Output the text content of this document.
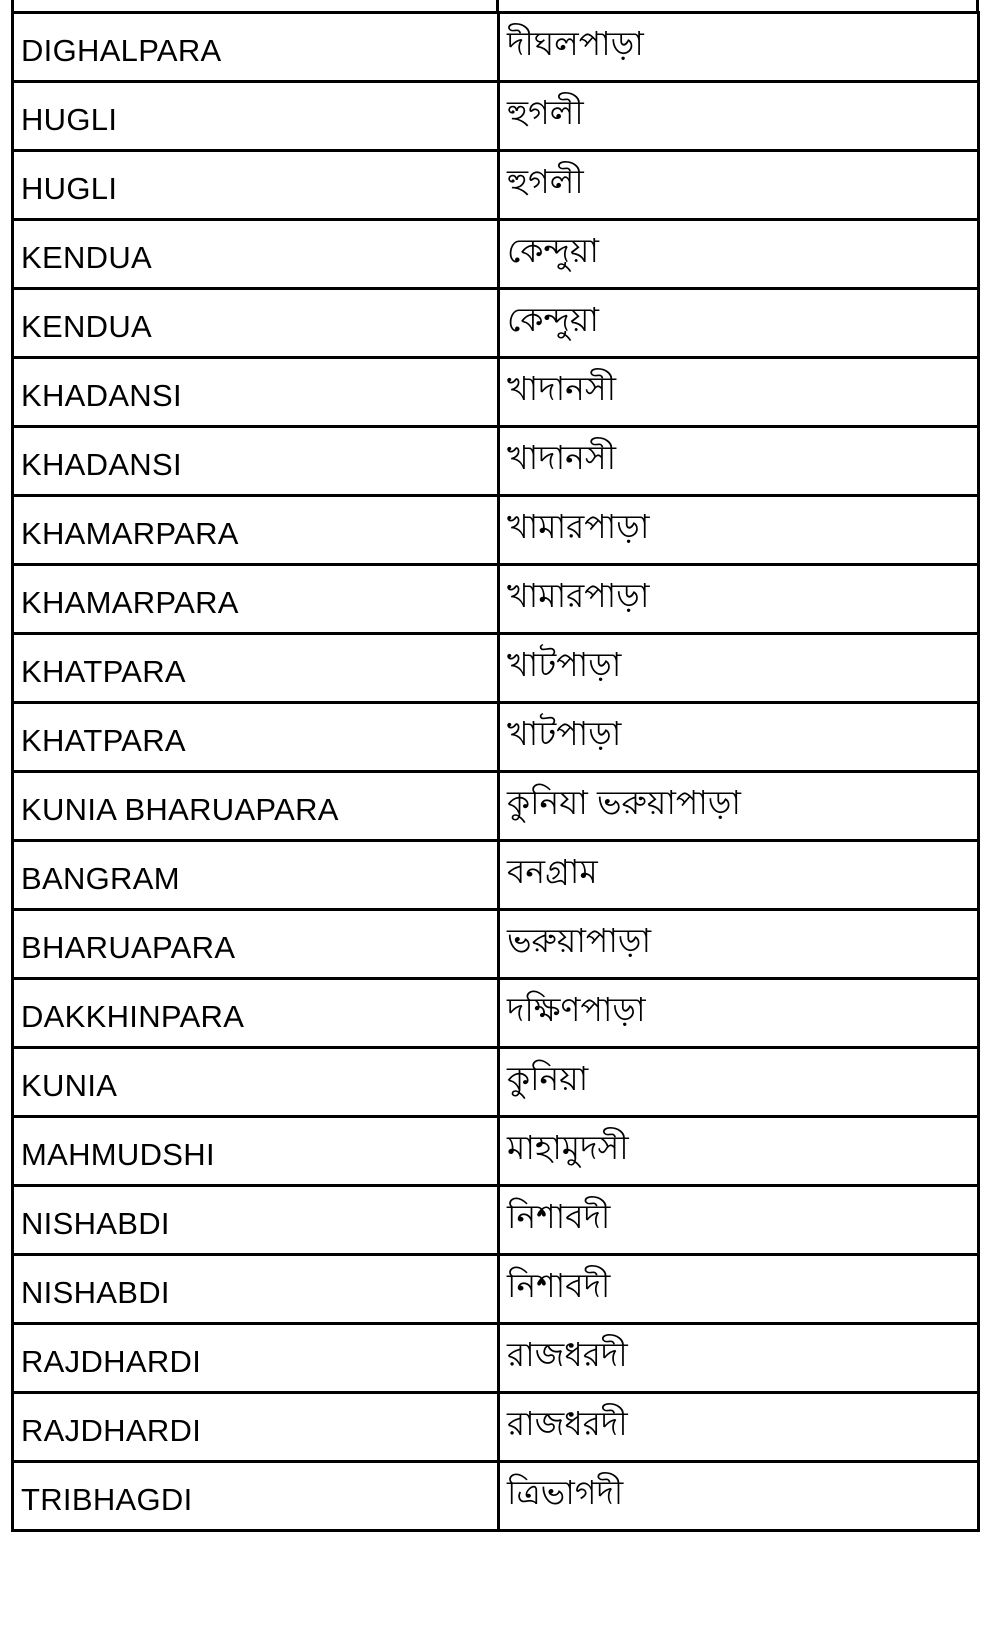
DIGHALPARA	দীঘলপাড়া

HUGLI	হুগলী

HUGLI	হুগলী

KENDUA	কেন্দুয়া

KENDUA	কেন্দুয়া

KHADANSI	খাদানসী

KHADANSI	খাদানসী

KHAMARPARA	খামারপাড়া

KHAMARPARA	খামারপাড়া

KHATPARA	খাটপাড়া

KHATPARA	খাটপাড়া

KUNIA BHARUAPARA	কুনিযা ভরুয়াপাড়া

BANGRAM	বনগ্রাম

BHARUAPARA	ভরুয়াপাড়া

DAKKHINPARA	দক্ষিণপাড়া

KUNIA	কুনিয়া

MAHMUDSHI	মাহামুদসী

NISHABDI	নিশাবদী

NISHABDI	নিশাবদী

RAJDHARDI	রাজধরদী

RAJDHARDI	রাজধরদী

TRIBHAGDI	ত্রিভাগদী
